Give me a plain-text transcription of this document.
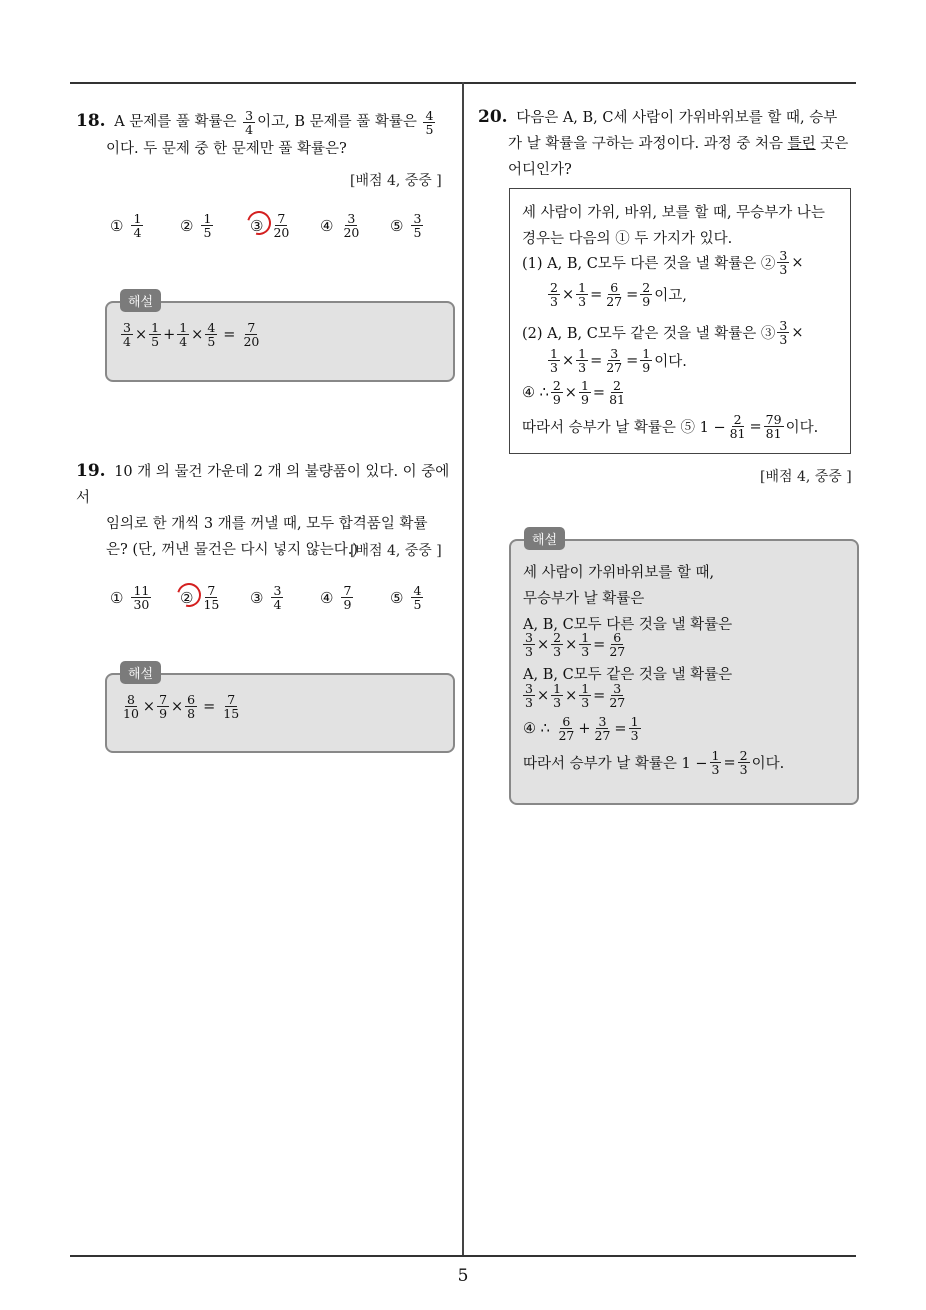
18. A 문제를 풀 확률은 $\frac{3}{4}$ 이고, B 문제를 풀 확률은 $\frac{4}{5}$
이다. 두 문제 중 한 문제만 풀 확률은?
[배점 4, 중중 ]
① $\frac{1}{4}$ ② $\frac{1}{5}$ ③ $\frac{7}{20}$ ④ $\frac{3}{20}$ ⑤ $\frac{3}{5}$
$\frac{3}{4} \times \frac{1}{5} + \frac{1}{4} \times \frac{4}{5} = \frac{7}{20}$
해설
19. 10 개 의 물건 가운데 2 개 의 불량품이 있다. 이 중에서
임의로 한 개씩 3 개를 꺼낼 때, 모두 합격품일 확률
은? (단, 꺼낸 물건은 다시 넣지 않는다.)
[배점 4, 중중 ]
① $\frac{11}{30}$ ② $\frac{7}{15}$ ③ $\frac{3}{4}$ ④ $\frac{7}{9}$ ⑤ $\frac{4}{5}$
$\frac{8}{10} \times \frac{7}{9} \times \frac{6}{8} = \frac{7}{15}$
해설
20. 다음은 A, B, C세 사람이 가위바위보를 할 때, 승부
가 날 확률을 구하는 과정이다. 과정 중 처음 틀린 곳은
어디인가?
세 사람이 가위, 바위, 보를 할 때, 무승부가 나는
경우는 다음의 ① 두 가지가 있다.
(1) A, B, C모두 다른 것을 낼 확률은 ② $\frac{3}{3}$ ×
$\frac{2}{3} \times \frac{1}{3} = \frac{6}{27} = \frac{2}{9}$ 이고,
(2) A, B, C모두 같은 것을 낼 확률은 ③ $\frac{3}{3}$ ×
$\frac{1}{3} \times \frac{1}{3} = \frac{3}{27} = \frac{1}{9}$ 이다.
④ ∴ $\frac{2}{9} \times \frac{1}{9} = \frac{2}{81}$
따라서 승부가 날 확률은 ⑤ $1 - \frac{2}{81} = \frac{79}{81}$ 이다.
[배점 4, 중중 ]
세 사람이 가위바위보를 할 때,
무승부가 날 확률은
A, B, C모두 다른 것을 낼 확률은
$\frac{3}{3} \times \frac{2}{3} \times \frac{1}{3} = \frac{6}{27}$
A, B, C모두 같은 것을 낼 확률은
$\frac{3}{3} \times \frac{1}{3} \times \frac{1}{3} = \frac{3}{27}$
④ ∴
$\frac{6}{27} + \frac{3}{27} = \frac{1}{3}$
따라서 승부가 날 확률은 $1 - \frac{1}{3} = \frac{2}{3}$ 이다.
해설
5
